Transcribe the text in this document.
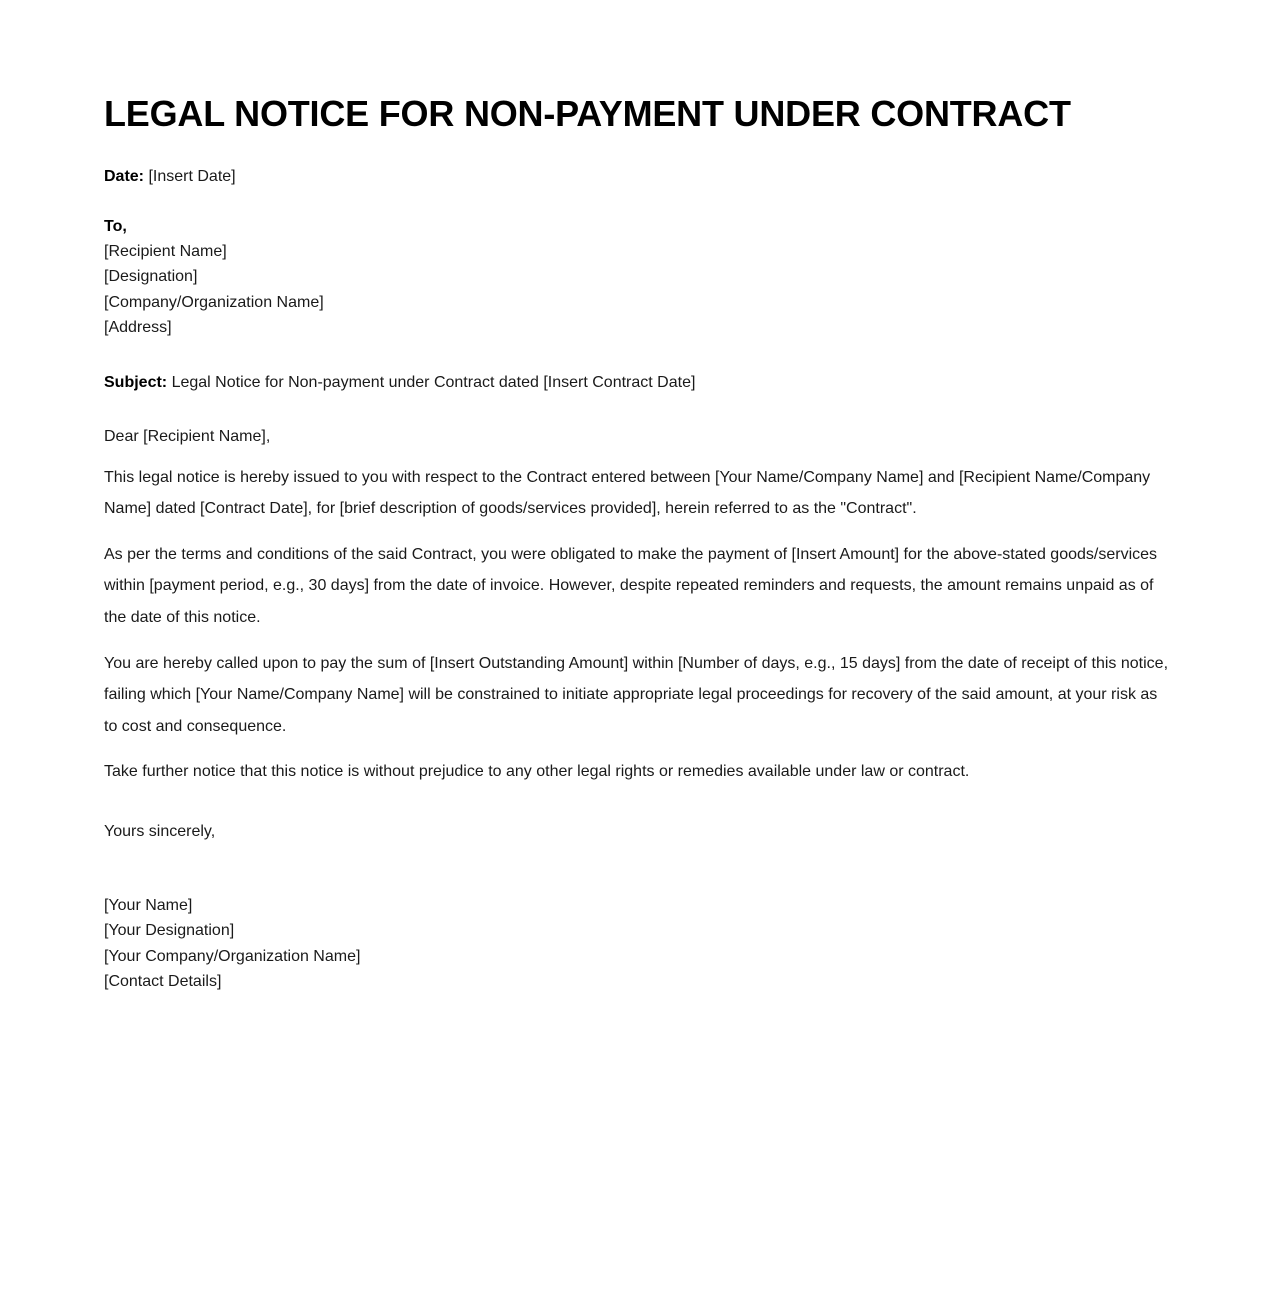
LEGAL NOTICE FOR NON-PAYMENT UNDER CONTRACT

Date: [Insert Date]

To,
[Recipient Name]
[Designation]
[Company/Organization Name]
[Address]

Subject: Legal Notice for Non-payment under Contract dated [Insert Contract Date]

Dear [Recipient Name],

This legal notice is hereby issued to you with respect to the Contract entered between [Your Name/Company Name] and [Recipient Name/Company Name] dated [Contract Date], for [brief description of goods/services provided], herein referred to as the "Contract".

As per the terms and conditions of the said Contract, you were obligated to make the payment of [Insert Amount] for the above-stated goods/services within [payment period, e.g., 30 days] from the date of invoice. However, despite repeated reminders and requests, the amount remains unpaid as of the date of this notice.

You are hereby called upon to pay the sum of [Insert Outstanding Amount] within [Number of days, e.g., 15 days] from the date of receipt of this notice, failing which [Your Name/Company Name] will be constrained to initiate appropriate legal proceedings for recovery of the said amount, at your risk as to cost and consequence.

Take further notice that this notice is without prejudice to any other legal rights or remedies available under law or contract.

Yours sincerely,

[Your Name]
[Your Designation]
[Your Company/Organization Name]
[Contact Details]
